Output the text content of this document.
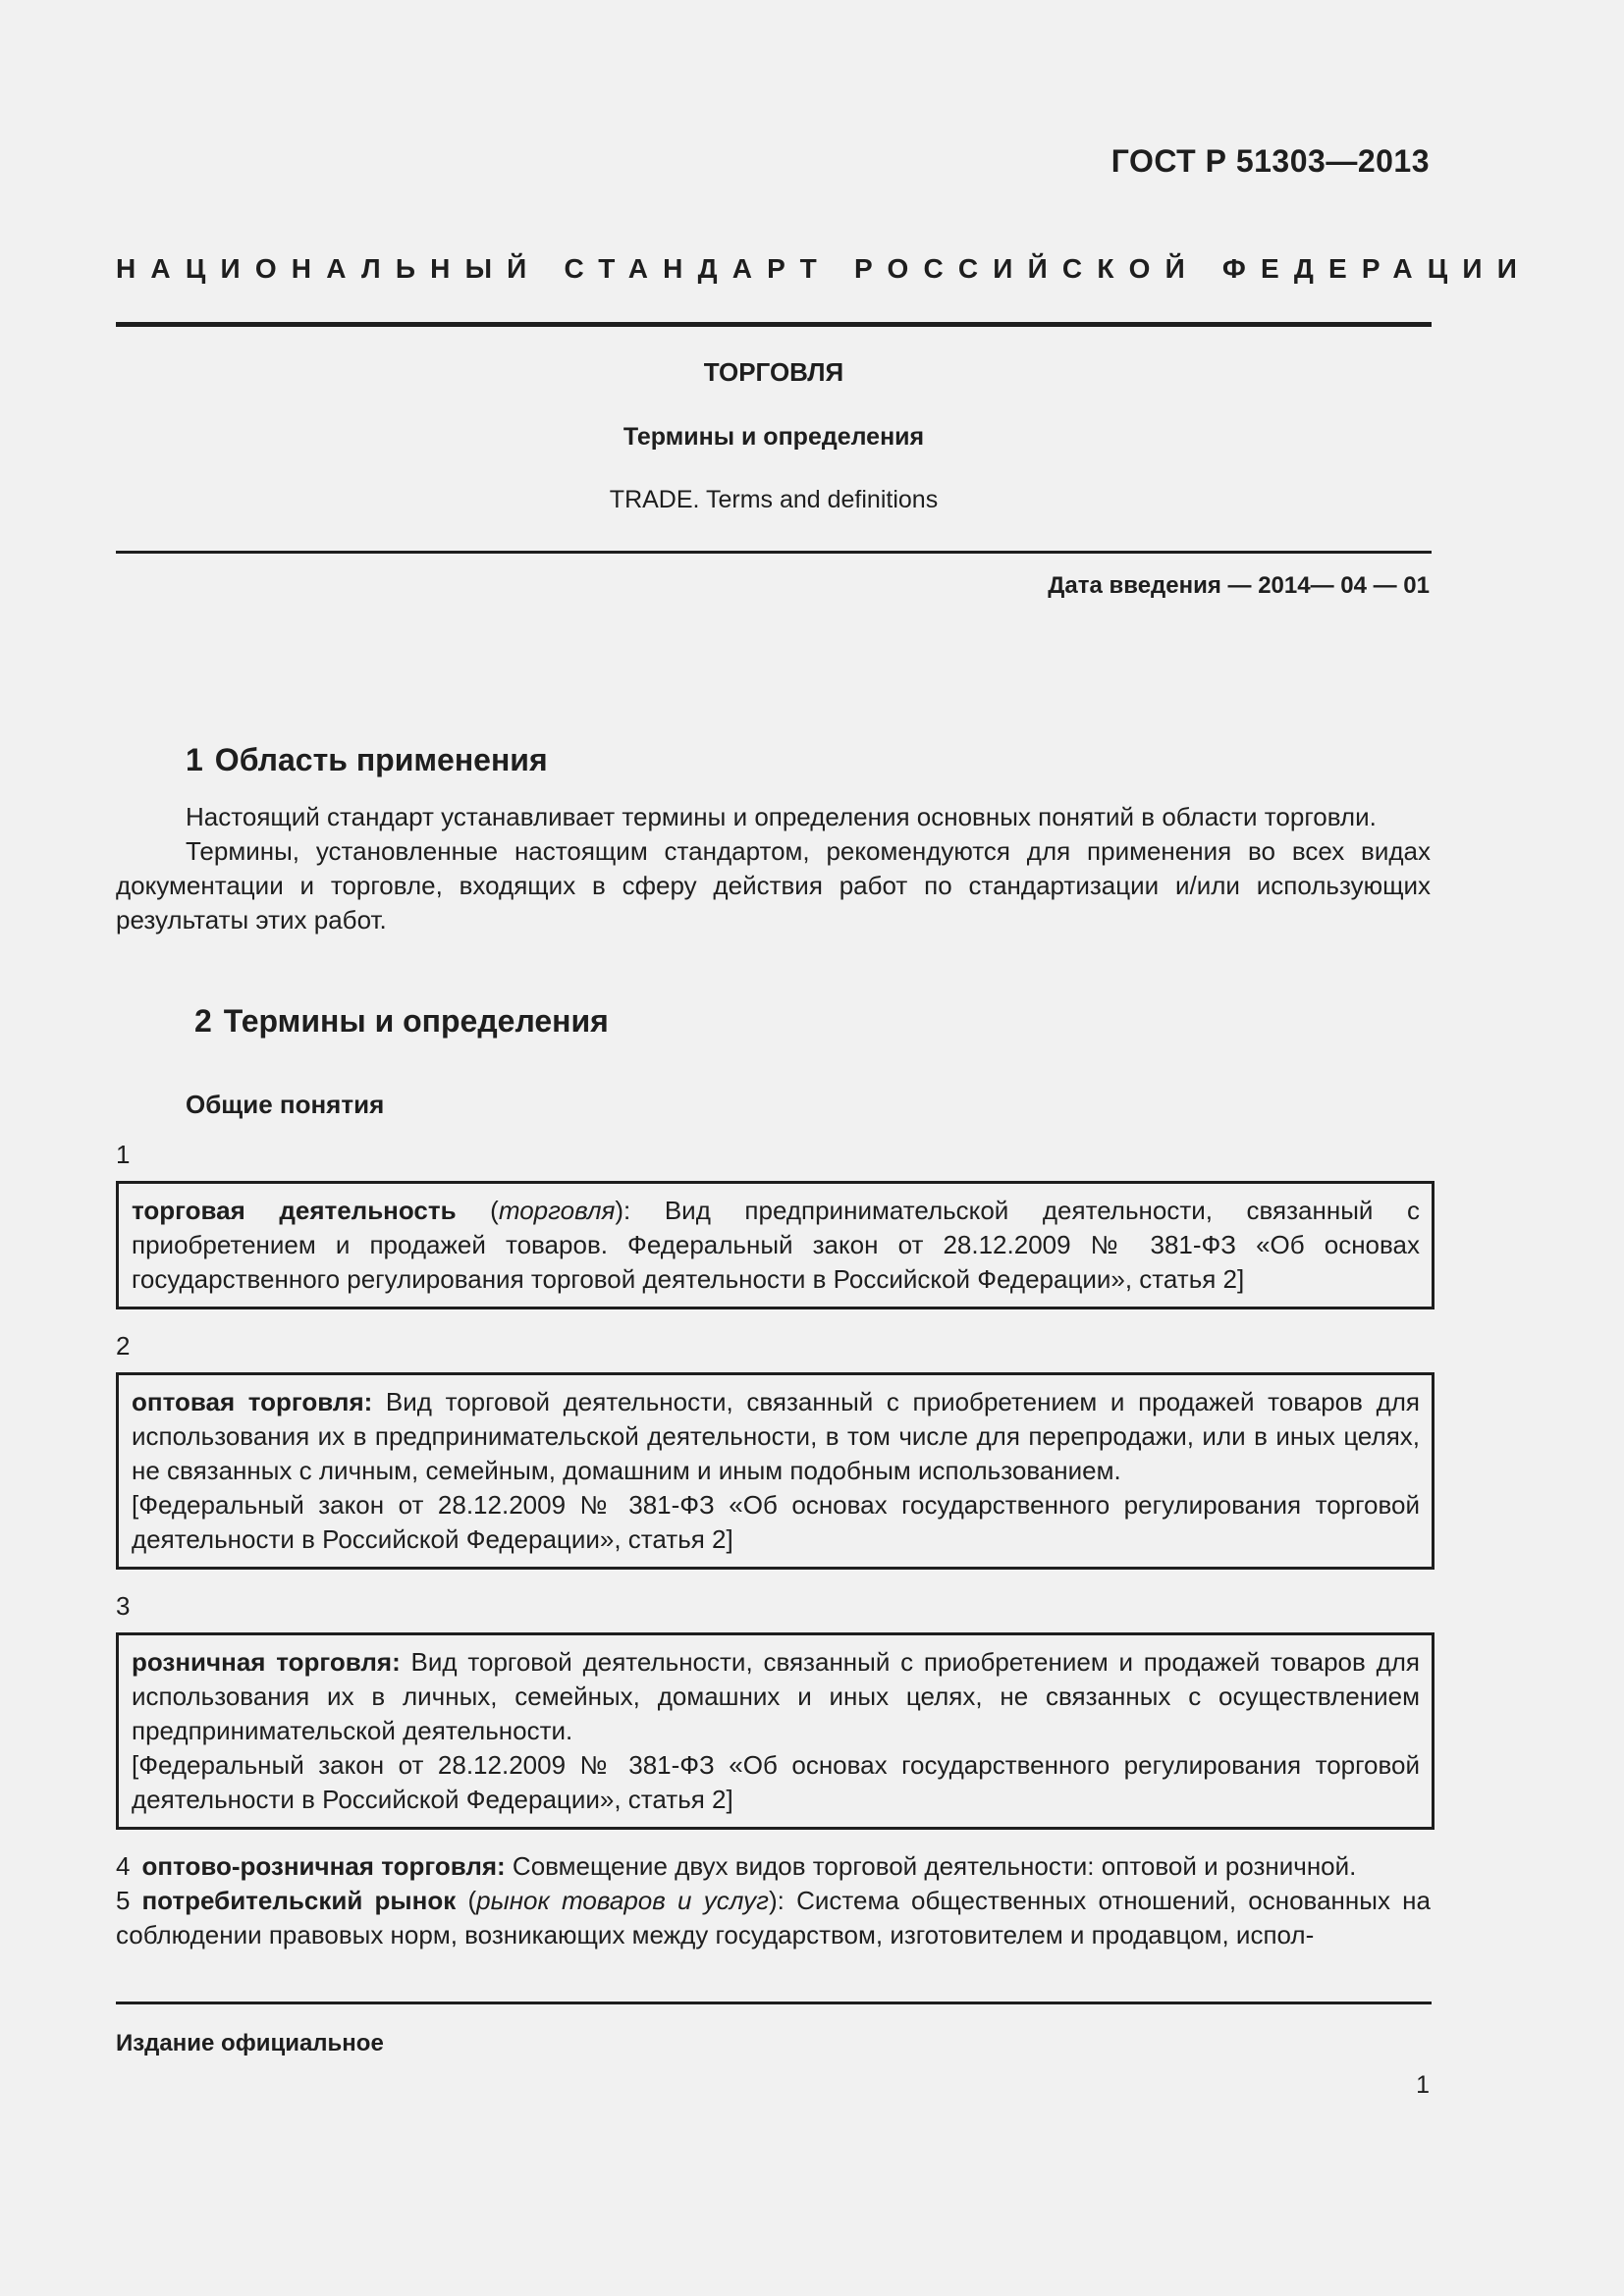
ГОСТ Р 51303—2013
НАЦИОНАЛЬНЫЙ СТАНДАРТ РОССИЙСКОЙ ФЕДЕРАЦИИ
ТОРГОВЛЯ
Термины и определения
TRADE. Terms and definitions
Дата введения — 2014— 04 — 01
1 Область применения

Настоящий стандарт устанавливает термины и определения основных понятий в области торговли.

Термины, установленные настоящим стандартом, рекомендуются для применения во всех видах документации и торговле, входящих в сферу действия работ по стандартизации и/или использующих результаты этих работ.

2 Термины и определения
Общие понятия
1

торговая деятельность (торговля): Вид предпринимательской деятельности, связанный с приобретением и продажей товаров. Федеральный закон от 28.12.2009 № 381-ФЗ «Об основах государственного регулирования торговой деятельности в Российской Федерации», статья 2]

2

оптовая торговля: Вид торговой деятельности, связанный с приобретением и продажей товаров для использования их в предпринимательской деятельности, в том числе для перепродажи, или в иных целях, не связанных с личным, семейным, домашним и иным подобным использованием.

[Федеральный закон от 28.12.2009 № 381-ФЗ «Об основах государственного регулирования торговой деятельности в Российской Федерации», статья 2]

3

розничная торговля: Вид торговой деятельности, связанный с приобретением и продажей товаров для использования их в личных, семейных, домашних и иных целях, не связанных с осуществлением предпринимательской деятельности.

[Федеральный закон от 28.12.2009 № 381-ФЗ «Об основах государственного регулирования торговой деятельности в Российской Федерации», статья 2]

4 оптово-розничная торговля: Совмещение двух видов торговой деятельности: оптовой и розничной.

5 потребительский рынок (рынок товаров и услуг): Система общественных отношений, основанных на соблюдении правовых норм, возникающих между государством, изготовителем и продавцом, испол-

Издание официальное
1
